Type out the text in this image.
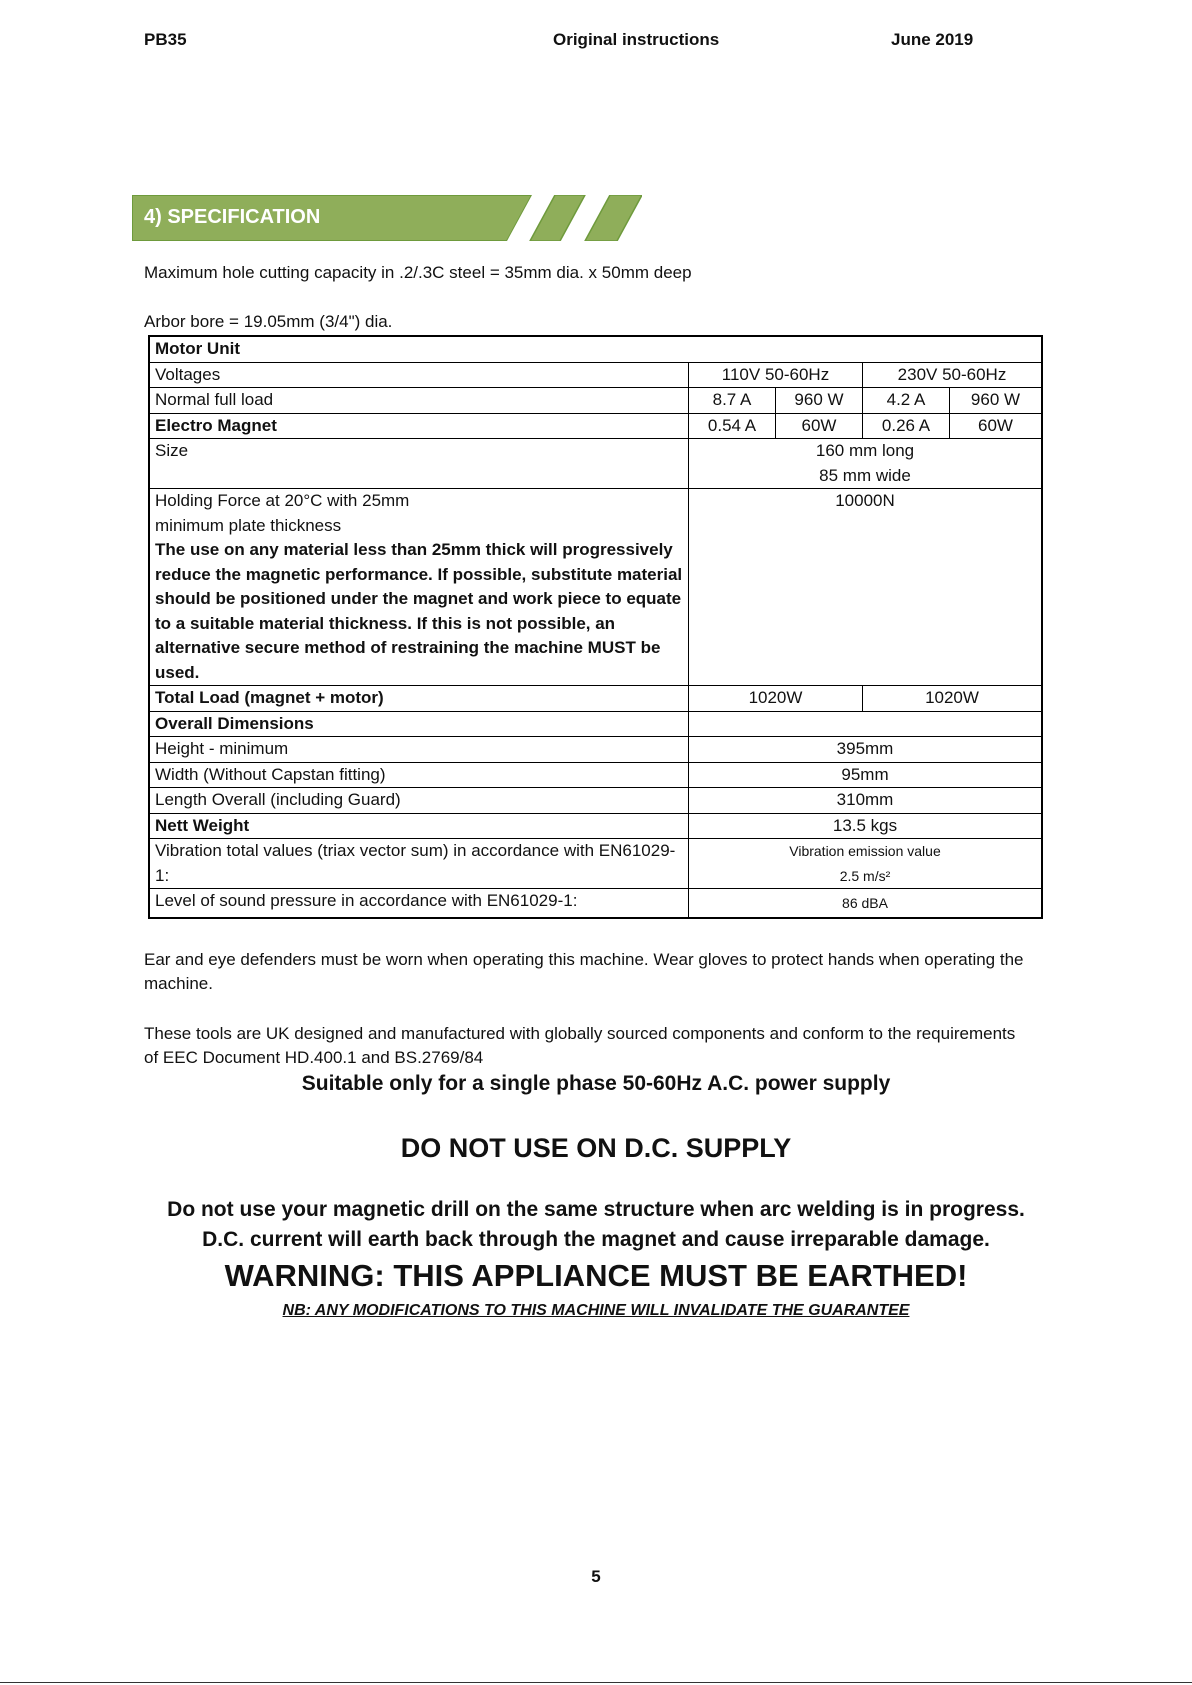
PB35	Original instructions	June 2019
4) SPECIFICATION

Maximum hole cutting capacity in .2/.3C steel = 35mm dia. x 50mm deep

Arbor bore = 19.05mm (3/4") dia.

Motor Unit				
Voltages	110V 50-60Hz		230V 50-60Hz	
Normal full load	8.7 A	960 W	4.2 A	960 W
Electro Magnet	0.54 A	60W	0.26 A	60W
Size	160 mm long
85 mm wide			

Holding Force at 20°C with 25mm
minimum plate thickness
The use on any material less than 25mm thick will progressively reduce the magnetic performance. If possible, substitute material should be positioned under the magnet and work piece to equate to a suitable material thickness. If this is not possible, an alternative secure method of restraining the machine MUST be used.	10000N			
Total Load (magnet + motor)	1020W		1020W	
Overall Dimensions				
Height - minimum	395mm			
Width (Without Capstan fitting)	95mm			
Length Overall (including Guard)	310mm			
Nett Weight	13.5 kgs			
Vibration total values (triax vector sum) in accordance with EN61029-1:	Vibration emission value
2.5 m/s²			

Level of sound pressure in accordance with EN61029-1:	86 dBA			

Ear and eye defenders must be worn when operating this machine. Wear gloves to protect hands when operating the machine.

These tools are UK designed and manufactured with globally sourced components and conform to the requirements of EEC Document HD.400.1 and BS.2769/84

Suitable only for a single phase 50-60Hz A.C. power supply

DO NOT USE ON D.C. SUPPLY

Do not use your magnetic drill on the same structure when arc welding is in progress.

D.C. current will earth back through the magnet and cause irreparable damage.

WARNING: THIS APPLIANCE MUST BE EARTHED!

NB: ANY MODIFICATIONS TO THIS MACHINE WILL INVALIDATE THE GUARANTEE

5
